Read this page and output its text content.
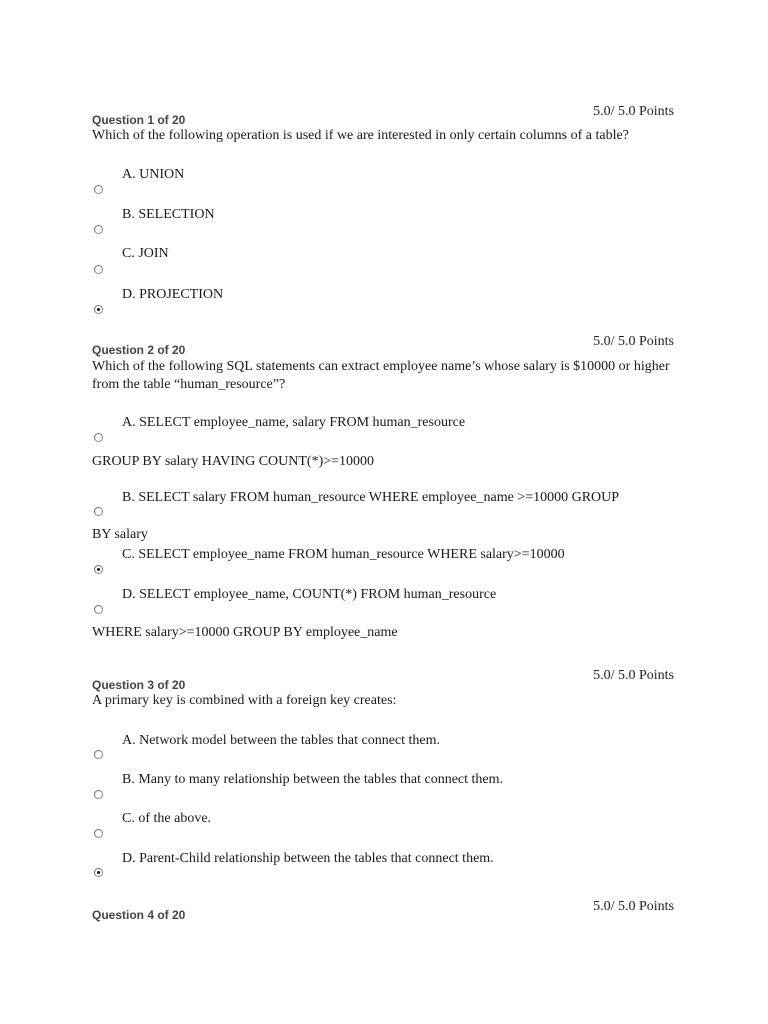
5.0/ 5.0 Points
Question 1 of 20
Which of the following operation is used if we are interested in only certain columns of a table?
A. UNION
B. SELECTION
C. JOIN
D. PROJECTION
5.0/ 5.0 Points
Question 2 of 20
Which of the following SQL statements can extract employee name’s whose salary is $10000 or higher from the table “human_resource”?
A. SELECT employee_name, salary FROM human_resource
GROUP BY salary HAVING COUNT(*)>=10000
B. SELECT salary FROM human_resource WHERE employee_name >=10000 GROUP
BY salary
C. SELECT employee_name FROM human_resource WHERE salary>=10000
D. SELECT employee_name, COUNT(*) FROM human_resource
WHERE salary>=10000 GROUP BY employee_name
5.0/ 5.0 Points
Question 3 of 20
A primary key is combined with a foreign key creates:
A. Network model between the tables that connect them.
B. Many to many relationship between the tables that connect them.
C. of the above.
D. Parent-Child relationship between the tables that connect them.
5.0/ 5.0 Points
Question 4 of 20
